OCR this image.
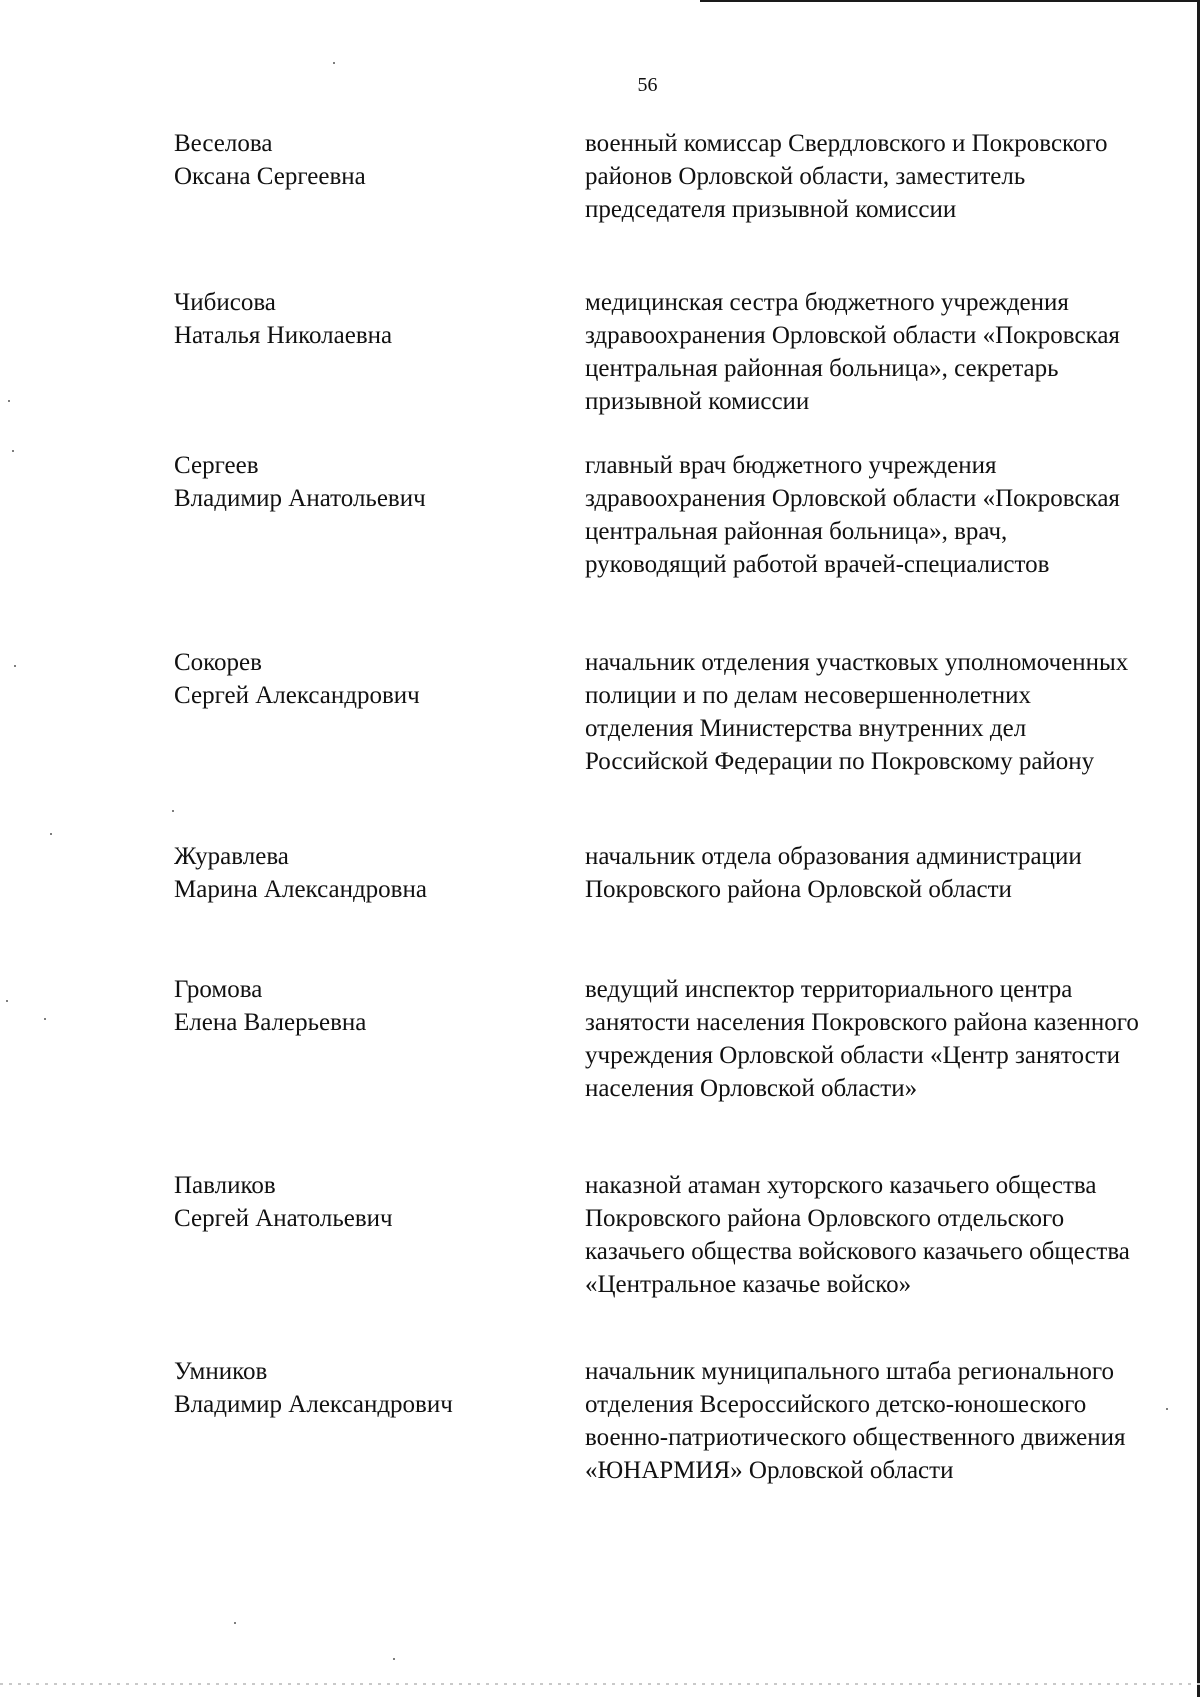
56
Веселова
Оксана Сергеевна
военный комиссар Свердловского и Покровского районов Орловской области, заместитель председателя призывной комиссии
Чибисова
Наталья Николаевна
медицинская сестра бюджетного учреждения здравоохранения Орловской области «Покровская центральная районная больница», секретарь призывной комиссии
Сергеев
Владимир Анатольевич
главный врач бюджетного учреждения здравоохранения Орловской области «Покровская центральная районная больница», врач, руководящий работой врачей-специалистов
Сокорев
Сергей Александрович
начальник отделения участковых уполномоченных полиции и по делам несовершеннолетних отделения Министерства внутренних дел Российской Федерации по Покровскому району
Журавлева
Марина Александровна
начальник отдела образования администрации Покровского района Орловской области
Громова
Елена Валерьевна
ведущий инспектор территориального центра занятости населения Покровского района казенного учреждения Орловской области «Центр занятости населения Орловской области»
Павликов
Сергей Анатольевич
наказной атаман хуторского казачьего общества Покровского района Орловского отдельского казачьего общества войскового казачьего общества «Центральное казачье войско»
Умников
Владимир Александрович
начальник муниципального штаба регионального отделения Всероссийского детско-юношеского военно-патриотического общественного движения «ЮНАРМИЯ» Орловской области
